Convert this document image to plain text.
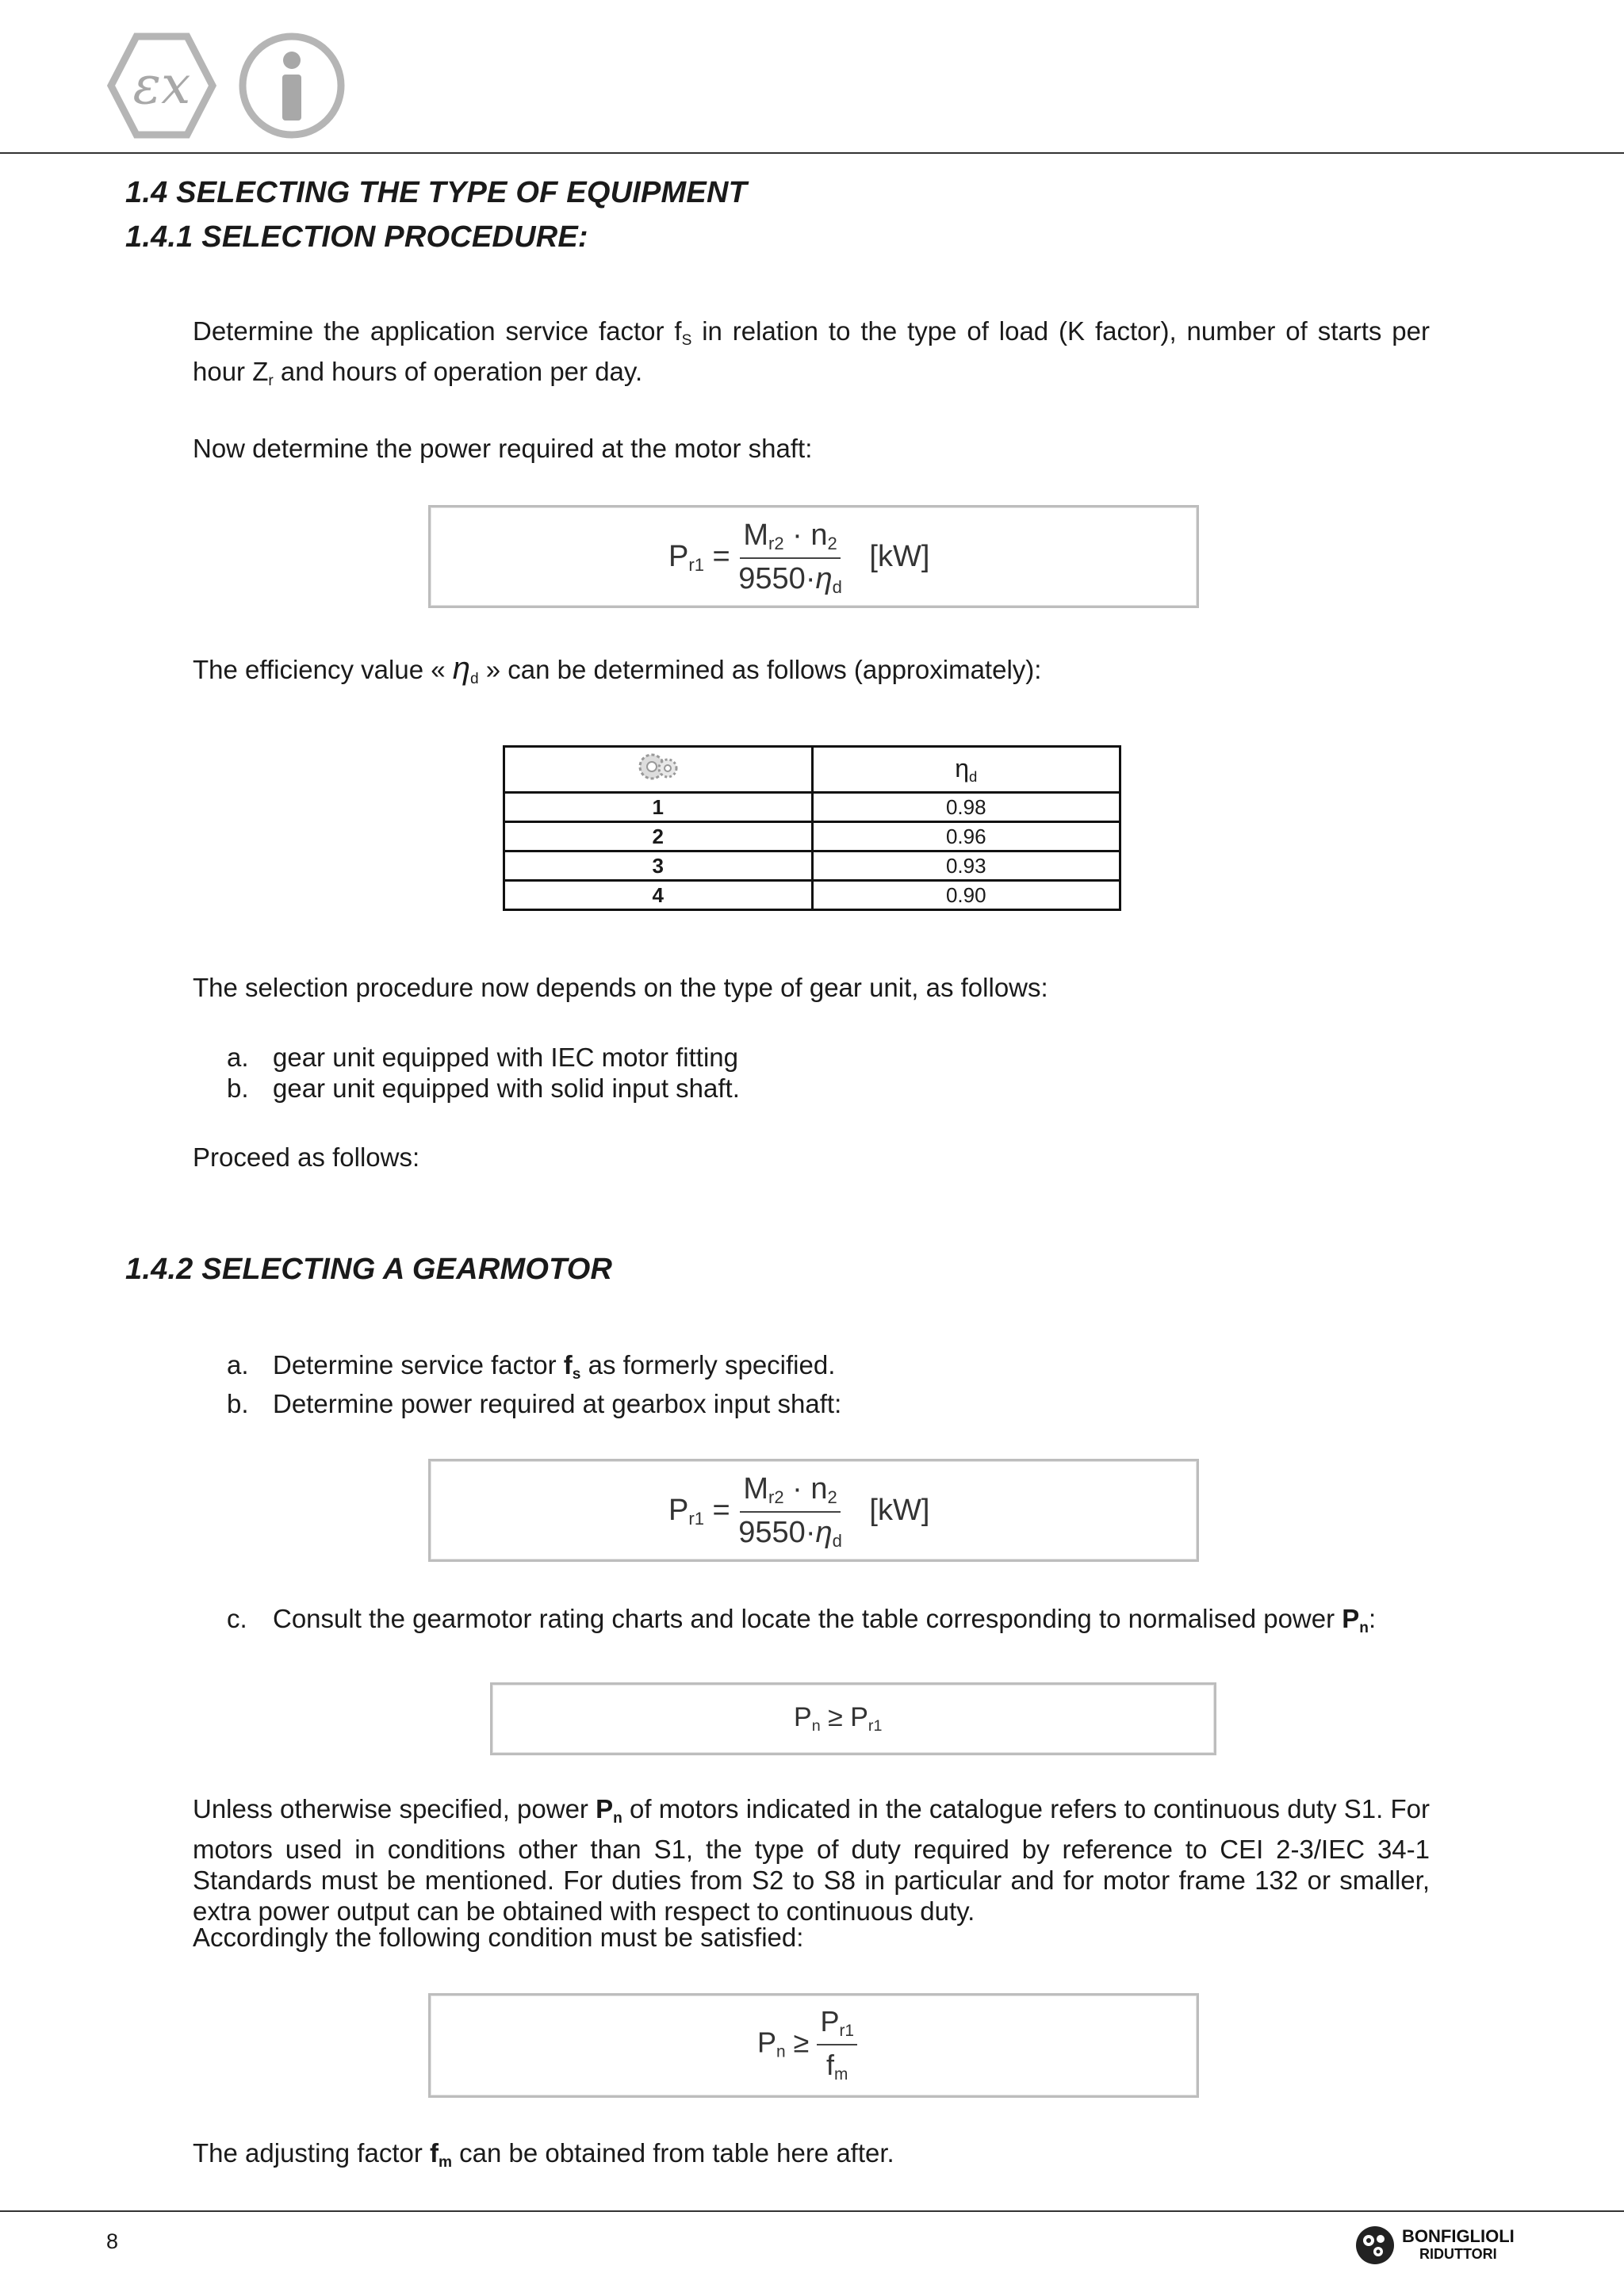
εx
1.4 SELECTING THE TYPE OF EQUIPMENT
1.4.1 SELECTION PROCEDURE:

Determine the application service factor $f_S$ in relation to the type of load (K factor), number of starts per hour $Z_r$ and hours of operation per day.

Now determine the power required at the motor shaft:

$P_{r1} = \frac{M_{r2} \cdot n_2}{9550\cdot\eta_d} [kW]$

The efficiency value « $\eta_d$ » can be determined as follows (approximately):

	$\eta_d$
1	0.98
2	0.96
3	0.93
4	0.90

The selection procedure now depends on the type of gear unit, as follows:

a. gear unit equipped with IEC motor fitting
b. gear unit equipped with solid input shaft.

Proceed as follows:

1.4.2 SELECTING A GEARMOTOR
a. Determine service factor $f_s$ as formerly specified.
b. Determine power required at gearbox input shaft:
$P_{r1} = \frac{M_{r2} \cdot n_2}{9550\cdot\eta_d} [kW]$
c. Consult the gearmotor rating charts and locate the table corresponding to normalised power $P_n$:
$P_n \ge P_{r1}$

Unless otherwise specified, power $P_n$ of motors indicated in the catalogue refers to continuous duty S1. For motors used in conditions other than S1, the type of duty required by reference to CEI 2-3/IEC 34-1 Standards must be mentioned. For duties from S2 to S8 in particular and for motor frame 132 or smaller, extra power output can be obtained with respect to continuous duty.

Accordingly the following condition must be satisfied:

$P_n \ge \frac{P_{r1}}{f_m}$

The adjusting factor $f_m$ can be obtained from table here after.

8	BONFIGLIOLI
RIDUTTORI
